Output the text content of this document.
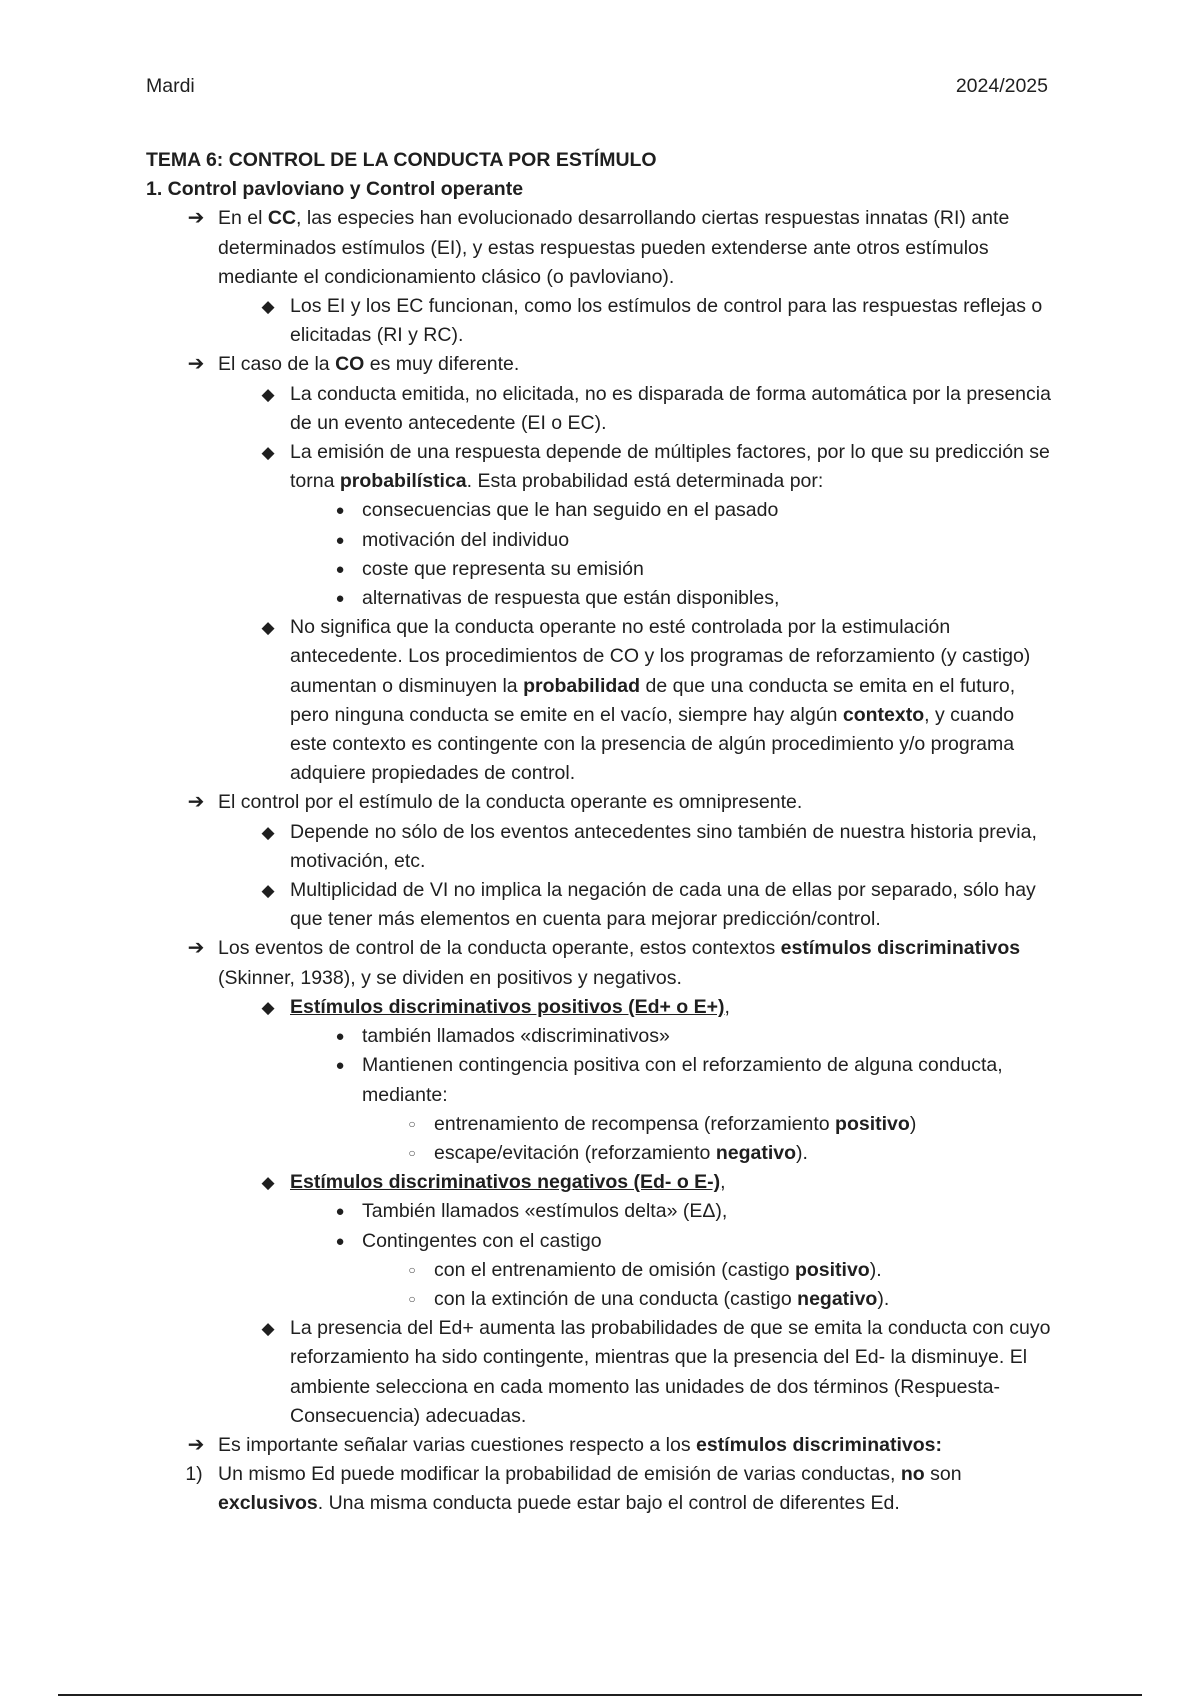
Mardi	2024/2025
TEMA 6: CONTROL DE LA CONDUCTA POR ESTÍMULO
1. Control pavloviano y Control operante
➔ En el CC, las especies han evolucionado desarrollando ciertas respuestas innatas (RI) ante determinados estímulos (EI), y estas respuestas pueden extenderse ante otros estímulos mediante el condicionamiento clásico (o pavloviano).
◆ Los EI y los EC funcionan, como los estímulos de control para las respuestas reflejas o elicitadas (RI y RC).
➔ El caso de la CO es muy diferente.
◆ La conducta emitida, no elicitada, no es disparada de forma automática por la presencia de un evento antecedente (EI o EC).
◆ La emisión de una respuesta depende de múltiples factores, por lo que su predicción se torna probabilística. Esta probabilidad está determinada por:
● consecuencias que le han seguido en el pasado
● motivación del individuo
● coste que representa su emisión
● alternativas de respuesta que están disponibles,
◆ No significa que la conducta operante no esté controlada por la estimulación antecedente. Los procedimientos de CO y los programas de reforzamiento (y castigo) aumentan o disminuyen la probabilidad de que una conducta se emita en el futuro, pero ninguna conducta se emite en el vacío, siempre hay algún contexto, y cuando este contexto es contingente con la presencia de algún procedimiento y/o programa adquiere propiedades de control.
➔ El control por el estímulo de la conducta operante es omnipresente.
◆ Depende no sólo de los eventos antecedentes sino también de nuestra historia previa, motivación, etc.
◆ Multiplicidad de VI no implica la negación de cada una de ellas por separado, sólo hay que tener más elementos en cuenta para mejorar predicción/control.
➔ Los eventos de control de la conducta operante, estos contextos estímulos discriminativos (Skinner, 1938), y se dividen en positivos y negativos.
◆ Estímulos discriminativos positivos (Ed+ o E+),
● también llamados «discriminativos»
● Mantienen contingencia positiva con el reforzamiento de alguna conducta, mediante:
○ entrenamiento de recompensa (reforzamiento positivo)
○ escape/evitación (reforzamiento negativo).
◆ Estímulos discriminativos negativos (Ed- o E-),
● También llamados «estímulos delta» (EΔ),
● Contingentes con el castigo
○ con el entrenamiento de omisión (castigo positivo).
○ con la extinción de una conducta (castigo negativo).
◆ La presencia del Ed+ aumenta las probabilidades de que se emita la conducta con cuyo reforzamiento ha sido contingente, mientras que la presencia del Ed- la disminuye. El ambiente selecciona en cada momento las unidades de dos términos (Respuesta-Consecuencia) adecuadas.
➔ Es importante señalar varias cuestiones respecto a los estímulos discriminativos:
1) Un mismo Ed puede modificar la probabilidad de emisión de varias conductas, no son exclusivos. Una misma conducta puede estar bajo el control de diferentes Ed.
